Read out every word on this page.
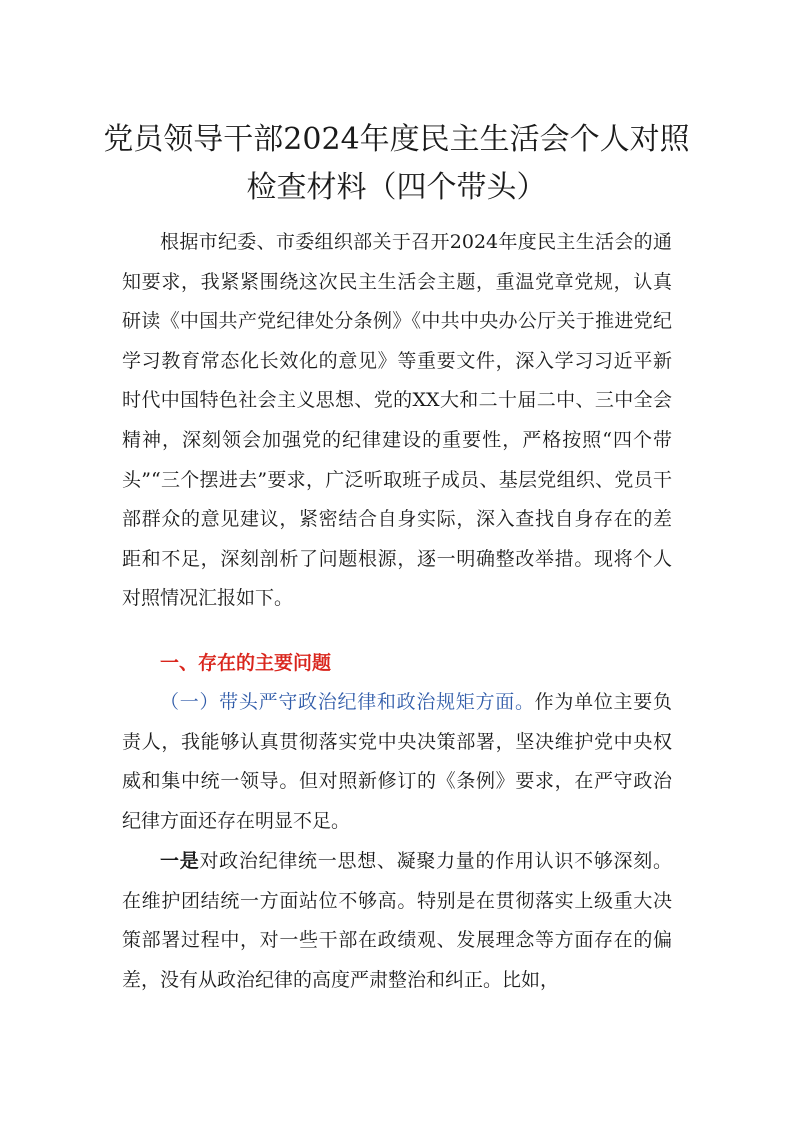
党员领导干部2024年度民主生活会个人对照检查材料（四个带头）

根据市纪委、市委组织部关于召开2024年度民主生活会的通知要求，我紧紧围绕这次民主生活会主题，重温党章党规，认真研读《中国共产党纪律处分条例》《中共中央办公厅关于推进党纪学习教育常态化长效化的意见》等重要文件，深入学习习近平新时代中国特色社会主义思想、党的XX大和二十届二中、三中全会精神，深刻领会加强党的纪律建设的重要性，严格按照“四个带头”“三个摆进去”要求，广泛听取班子成员、基层党组织、党员干部群众的意见建议，紧密结合自身实际，深入查找自身存在的差距和不足，深刻剖析了问题根源，逐一明确整改举措。现将个人对照情况汇报如下。

一、存在的主要问题

（一）带头严守政治纪律和政治规矩方面。作为单位主要负责人，我能够认真贯彻落实党中央决策部署，坚决维护党中央权威和集中统一领导。但对照新修订的《条例》要求，在严守政治纪律方面还存在明显不足。

一是对政治纪律统一思想、凝聚力量的作用认识不够深刻。在维护团结统一方面站位不够高。特别是在贯彻落实上级重大决策部署过程中，对一些干部在政绩观、发展理念等方面存在的偏差，没有从政治纪律的高度严肃整治和纠正。比如，
